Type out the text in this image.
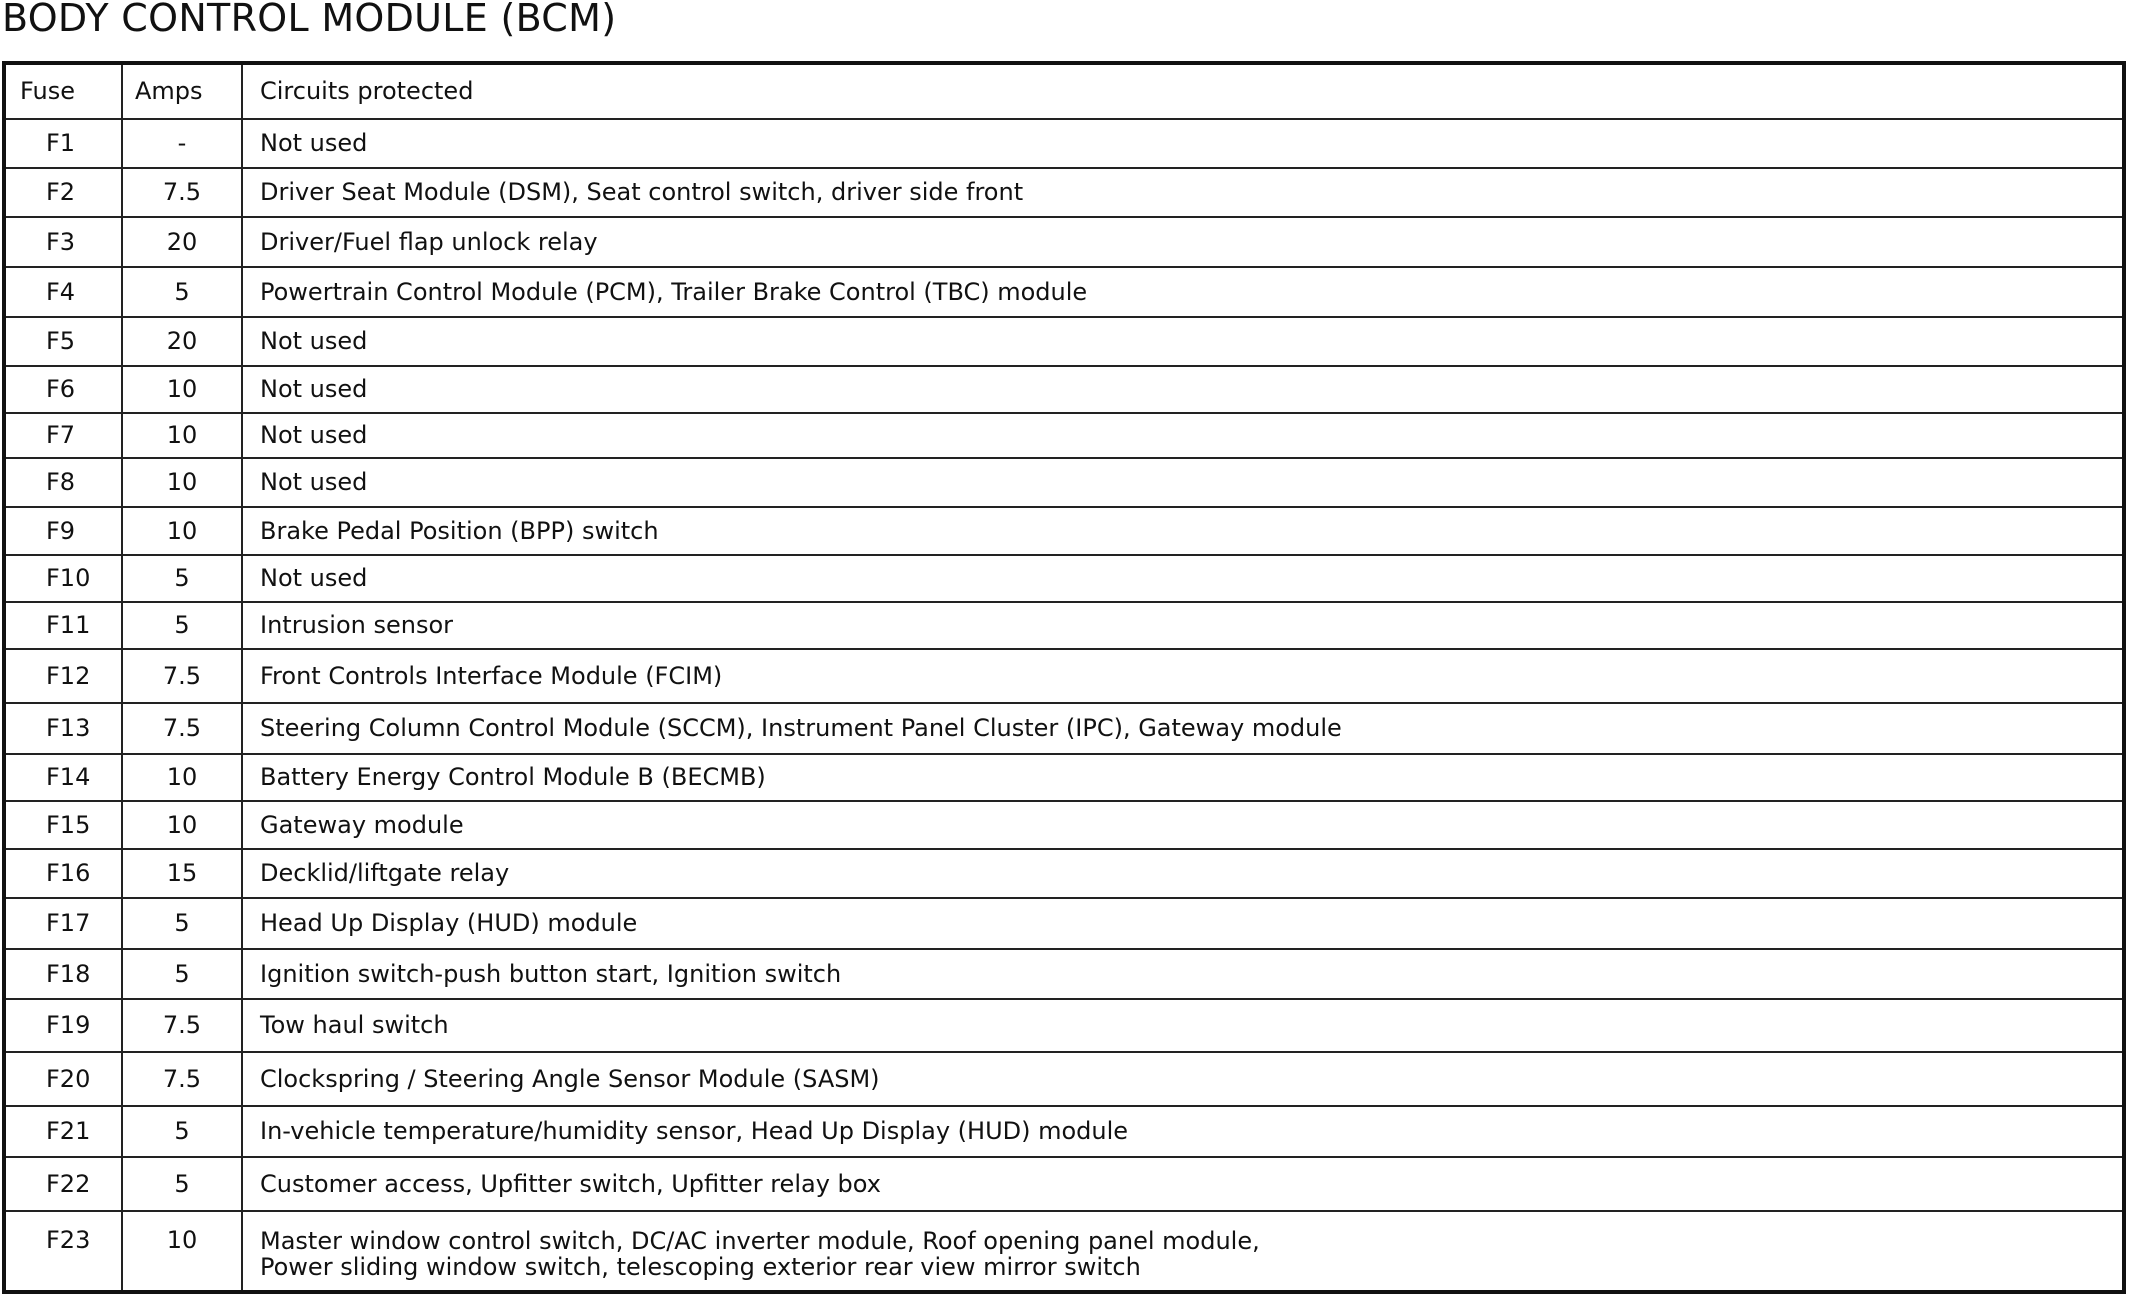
BODY CONTROL MODULE (BCM)
Fuse	Amps	Circuits protected
F1	-	Not used
F2	7.5	Driver Seat Module (DSM), Seat control switch, driver side front
F3	20	Driver/Fuel flap unlock relay
F4	5	Powertrain Control Module (PCM), Trailer Brake Control (TBC) module
F5	20	Not used
F6	10	Not used
F7	10	Not used
F8	10	Not used
F9	10	Brake Pedal Position (BPP) switch
F10	5	Not used
F11	5	Intrusion sensor
F12	7.5	Front Controls Interface Module (FCIM)
F13	7.5	Steering Column Control Module (SCCM), Instrument Panel Cluster (IPC), Gateway module
F14	10	Battery Energy Control Module B (BECMB)
F15	10	Gateway module
F16	15	Decklid/liftgate relay
F17	5	Head Up Display (HUD) module
F18	5	Ignition switch-push button start, Ignition switch
F19	7.5	Tow haul switch
F20	7.5	Clockspring / Steering Angle Sensor Module (SASM)
F21	5	In-vehicle temperature/humidity sensor, Head Up Display (HUD) module
F22	5	Customer access, Upfitter switch, Upfitter relay box
F23	10	Master window control switch, DC/AC inverter module, Roof opening panel module,
Power sliding window switch, telescoping exterior rear view mirror switch
